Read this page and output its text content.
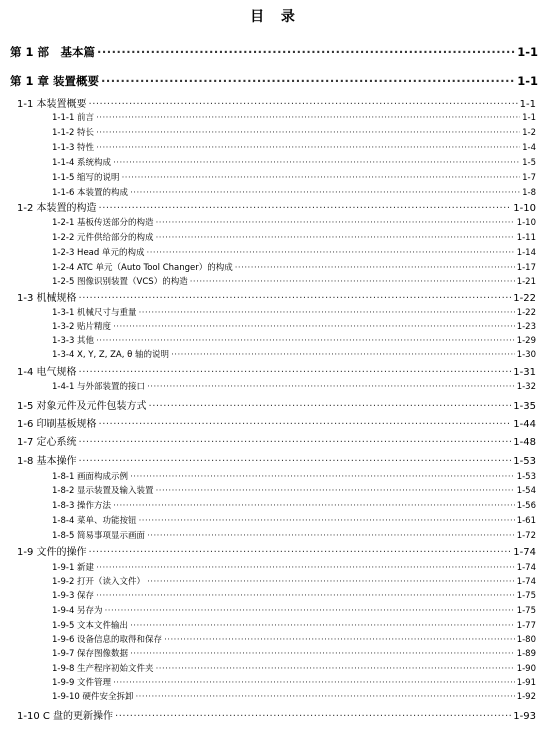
目 录
第 1 部　基本篇 ·····	1-1
第 1 章 装置概要 ·····	1-1
1-1 本装置概要 ·····	1-1
1-1-1 前言 ·····	1-1
1-1-2 特长 ·····	1-2
1-1-3 特性 ·····	1-4
1-1-4 系统构成 ·····	1-5
1-1-5 缩写的说明 ·····	1-7
1-1-6 本装置的构成 ·····	1-8
1-2 本装置的构造 ·····	1-10
1-2-1 基板传送部分的构造 ·····	1-10
1-2-2 元件供给部分的构成 ·····	1-11
1-2-3 Head 单元的构成 ·····	1-14
1-2-4 ATC 单元（Auto Tool Changer）的构成 ·····	1-17
1-2-5 图像识别装置（VCS）的构造 ·····	1-21
1-3 机械规格 ·····	1-22
1-3-1 机械尺寸与重量 ·····	1-22
1-3-2 贴片精度 ·····	1-23
1-3-3 其他 ·····	1-29
1-3-4 X, Y, Z, ZA, θ 轴的说明 ·····	1-30
1-4 电气规格 ·····	1-31
1-4-1 与外部装置的接口 ·····	1-32
1-5 对象元件及元件包装方式 ·····	1-35
1-6 印刷基板规格 ·····	1-44
1-7 定心系统 ·····	1-48
1-8 基本操作 ·····	1-53
1-8-1 画面构成示例 ·····	1-53
1-8-2 显示装置及输入装置 ·····	1-54
1-8-3 操作方法 ·····	1-56
1-8-4 菜单、功能按钮 ·····	1-61
1-8-5 简易事项显示画面 ·····	1-72
1-9 文件的操作 ·····	1-74
1-9-1 新建 ·····	1-74
1-9-2 打开（读入文件） ·····	1-74
1-9-3 保存 ·····	1-75
1-9-4 另存为 ·····	1-75
1-9-5 文本文件输出 ·····	1-77
1-9-6 设备信息的取得和保存 ·····	1-80
1-9-7 保存图像数据 ·····	1-89
1-9-8 生产程序初始文件夹 ·····	1-90
1-9-9 文件管理 ·····	1-91
1-9-10 硬件安全拆卸 ·····	1-92
1-10 C 盘的更新操作 ·····	1-93
